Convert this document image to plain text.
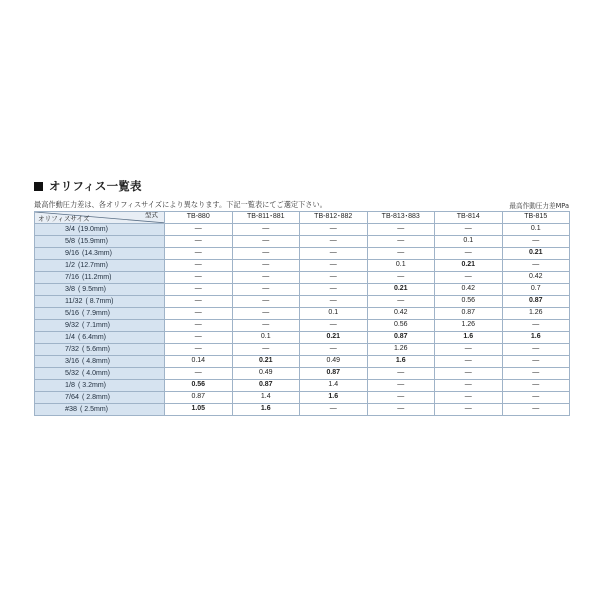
オリフィス一覧表
最高作動圧力差は、各オリフィスサイズにより異なります。下記一覧表にてご選定下さい。	最高作動圧力差MPa
型式
オリフィスサイズ	TB-880	TB-811･881	TB-812･882	TB-813･883	TB-814	TB-815
3/4 (19.0mm)	—	—	—	—	—	0.1
5/8 (15.9mm)	—	—	—	—	0.1	—
9/16 (14.3mm)	—	—	—	—	—	0.21
1/2 (12.7mm)	—	—	—	0.1	0.21	—
7/16 (11.2mm)	—	—	—	—	—	0.42
3/8 ( 9.5mm)	—	—	—	0.21	0.42	0.7
11/32 ( 8.7mm)	—	—	—	—	0.56	0.87
5/16 ( 7.9mm)	—	—	0.1	0.42	0.87	1.26
9/32 ( 7.1mm)	—	—	—	0.56	1.26	—
1/4 ( 6.4mm)	—	0.1	0.21	0.87	1.6	1.6
7/32 ( 5.6mm)	—	—	—	1.26	—	—
3/16 ( 4.8mm)	0.14	0.21	0.49	1.6	—	—
5/32 ( 4.0mm)	—	0.49	0.87	—	—	—
1/8 ( 3.2mm)	0.56	0.87	1.4	—	—	—
7/64 ( 2.8mm)	0.87	1.4	1.6	—	—	—
#38 ( 2.5mm)	1.05	1.6	—	—	—	—
